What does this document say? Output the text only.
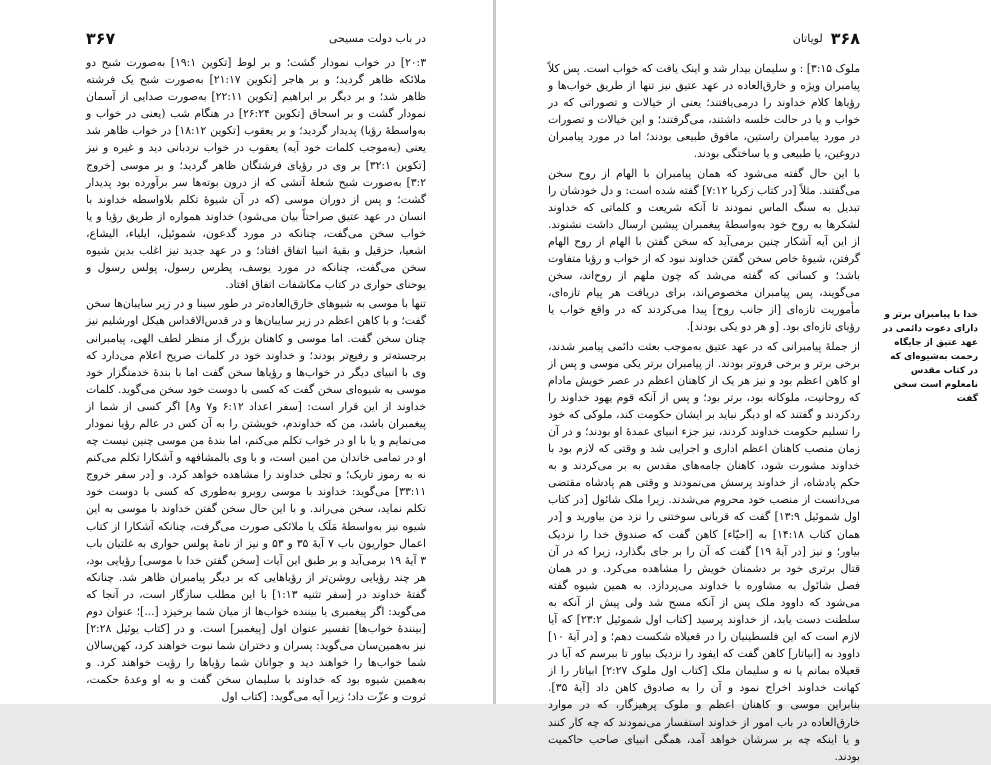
در باب دولت مسیحی
۳۶۷

۲۰:۳] در خواب نمودار گشت؛ و بر لوط [تکوین ۱۹:۱] به‌صورت شبح دو ملائکه ظاهر گردید؛ و بر هاجر [تکوین ۲۱:۱۷] به‌صورت شبح یک فرشته ظاهر شد؛ و بر دیگر بر ابراهیم [تکوین ۲۲:۱۱] به‌صورت صدایی از آسمان نمودار گشت و بر اسحاق [تکوین ۲۶:۲۴] در هنگام شب (یعنی در خواب و به‌واسطهٔ رؤیا) پدیدار گردید؛ و بر یعقوب [تکوین ۱۸:۱۲] در خواب ظاهر شد یعنی (به‌موجب کلمات خود آیه) یعقوب در خواب نردبانی دید و غیره و نیز [تکوین ۳۲:۱] بر وی در رؤیای فرشتگان ظاهر گردید؛ و بر موسی [خروج ۳:۲] به‌صورت شبح شعلهٔ آتشی که از درون بوته‌ها سر برآورده بود پدیدار گشت؛ و پس از دوران موسی (که در آن شیوهٔ تکلم بلاواسطه خداوند با انسان در عهد عتیق صراحتاً بیان می‌شود) خداوند همواره از طریق رؤیا و یا خواب سخن می‌گفت، چنانکه در مورد گدعون، شموئیل، ایلیاء، الیشاع، اشعیا، حزقیل و بقیهٔ انبیا اتفاق افتاد؛ و در عهد جدید نیز اغلب بدین شیوه سخن می‌گفت، چنانکه در مورد یوسف، پطرس رسول، پولس رسول و یوحنای حواری در کتاب مکاشفات اتفاق افتاد.

تنها با موسی به شیوهای خارق‌العاده‌تر در طور سینا و در زیر سایبان‌ها سخن گفت؛ و با کاهن اعظم در زیر سایبان‌ها و در قدس‌الاقداس هیکل اورشلیم نیز چنان سخن گفت. اما موسی و کاهنان بزرگ از منظر لطف الهی، پیامبرانی برجسته‌تر و رفیع‌تر بودند؛ و خداوند خود در کلمات صریح اعلام می‌دارد که وی با انبیای دیگر در خواب‌ها و رؤیاها سخن گفت اما با بندهٔ خدمتگزار خود موسی به شیوه‌ای سخن گفت که کسی با دوست خود سخن می‌گوید. کلمات خداوند از این قرار است: [سفر اعداد ۶:۱۲ و۷ و۸] اگر کسی از شما از پیغمبران باشد، من که خداوندم، خویشتن را به آن کس در عالم رؤیا نمودار می‌نمایم و یا با او در خواب تکلم می‌کنم، اما بندهٔ من موسی چنین نیست چه او در تمامی خاندان من امین است، و با وی بالمشافهه و آشکارا تکلم می‌کنم نه به رموز تاریک؛ و تجلی خداوند را مشاهده خواهد کرد. و [در سفر خروج ۳۳:۱۱] می‌گوید: خداوند با موسی روبرو به‌طوری که کسی با دوست خود تکلم نماید، سخن می‌راند. و با این حال سخن گفتن خداوند با موسی به این شیوه نیز به‌واسطهٔ مَلَک یا ملائکی صورت می‌گرفت، چنانکه آشکارا از کتاب اعمال حواریون باب ۷ آیهٔ ۳۵ و ۵۳ و نیز از نامهٔ پولس حواری به غلتیان باب ۳ آیهٔ ۱۹ برمی‌آید و بر طبق این آیات [سخن گفتن خدا با موسی] رؤیایی بود، هر چند رؤیایی روشن‌تر از رؤیاهایی که بر دیگر پیامبران ظاهر شد. چنانکه گفتهٔ خداوند در [سفر تثنیه ۱:۱۳] با این مطلب سازگار است، در آنجا که می‌گوید: اگر پیغمبری یا بیننده خواب‌ها از میان شما برخیزد [...]؛ عنوان دوم [بینندهٔ خواب‌ها] تفسیر عنوان اول [پیغمبر] است. و در [کتاب یوئیل ۲:۲۸] نیز به‌همین‌سان می‌گوید: پسران و دختران شما نبوت خواهند کرد، کهن‌سالان شما خواب‌ها را خواهند دید و جوانان شما رؤیاها را رؤیت خواهند کرد. و به‌همین شیوه بود که خداوند با سلیمان سخن گفت و به او وعدهٔ حکمت، ثروت و عزّت داد؛ زیرا آیه می‌گوید: [کتاب اول

۳۶۸
لویاتان

ملوک ۳:۱۵] : و سلیمان بیدار شد و اینک یافت که خواب است. پس کلاً پیامبران ویژه و خارق‌العاده در عهد عتیق نیز تنها از طریق خواب‌ها و رؤیاها کلام خداوند را درمی‌یافتند؛ یعنی از خیالات و تصوراتی که در خواب و یا در حالت خلسه داشتند، می‌گرفتند؛ و این خیالات و تصورات در مورد پیامبران راستین، مافوق طبیعی بودند؛ اما در مورد پیامبران دروغین، یا طبیعی و یا ساختگی بودند.

با این حال گفته می‌شود که همان پیامبران با الهام از روح سخن می‌گفتند. مثلاً [در کتاب زکریا ۷:۱۲] گفته شده است: و دل خودشان را تبدیل به سنگ الماس نمودند تا آنکه شریعت و کلماتی که خداوند لشکرها به روح خود به‌واسطهٔ پیغمبران پیشین ارسال داشت نشنوند. از این آیه آشکار چنین برمی‌آید که سخن گفتن با الهام از روح الهام گرفتن، شیوهٔ خاص سخن گفتن خداوند نبود که از خواب و رؤیا متفاوت باشد؛ و کسانی که گفته می‌شد که چون ملهم از روح‌اند، سخن می‌گویند، پس پیامبران مخصوص‌اند، برای دریافت هر پیام تازه‌ای، مأموریت تازه‌ای [از جانب روح] پیدا می‌کردند که در واقع خواب یا رؤیای تازه‌ای بود. [و هر دو یکی بودند].

از جملهٔ پیامبرانی که در عهد عتیق به‌موجب بعثت دائمی پیامبر شدند، برخی برتر و برخی فروتر بودند. از پیامبران برتر یکی موسی و پس از او کاهن اعظم بود و نیز هر یک از کاهنان اعظم در عصر خویش مادام که روحانیت، ملوکانه بود، برتر بود؛ و پس از آنکه قوم یهود خداوند را ردکردند و گفتند که او دیگر نباید بر ایشان حکومت کند، ملوکی که خود را تسلیم حکومت خداوند کردند، نیز جزء انبیای عمدهٔ او بودند؛ و در آن زمان منصب کاهنان اعظم اداری و اجرایی شد و وقتی که لازم بود با خداوند مشورت شود، کاهنان جامه‌های مقدس به بر می‌کردند و به حکم پادشاه، از خداوند پرسش می‌نمودند و وقتی هم پادشاه مقتضی می‌دانست از منصب خود محروم می‌شدند. زیرا ملک شائول [در کتاب اول شموئیل ۱۳:۹] گفت که قربانی سوختنی را نزد من بیاورید و [در همان کتاب ۱۴:۱۸] به [احیّاء] کاهن گفت که صندوق خدا را نزدیک بیاور؛ و نیز [در آیهٔ ۱۹] گفت که آن را بر جای بگذارد، زیرا که در آن قتال برتری خود بر دشمنان خویش را مشاهده می‌کرد. و در همان فصل شائول به مشاوره با خداوند می‌پردازد. به همین شیوه گفته می‌شود که داوود ملک پس از آنکه مسح شد ولی پیش از آنکه به سلطنت دست یابد، از خداوند پرسید [کتاب اول شموئیل ۲۳:۲] که آیا لازم است که این فلسطینیان را در قعیلاه شکست دهم؛ و [در آیهٔ ۱۰] داوود به [ابیاتار] کاهن گفت که ایفود را نزدیک بیاور تا ببرسم که آیا در قعیلاه بمانم یا نه و سلیمان ملک [کتاب اول ملوک ۲:۲۷] ابیاتار را از کهانت خداوند اخراج نمود و آن را به صادوق کاهن داد [آیهٔ ۳۵]. بنابراین موسی و کاهنان اعظم و ملوک پرهیزگار، که در موارد خارق‌العاده در باب امور از خداوند استفسار می‌نمودند که چه کار کنند و یا اینکه چه بر سرشان خواهد آمد، همگی انبیای صاحب حاکمیت بودند.

خدا با پیامبران برتر و دارای دعوت دائمی در عهد عتیق از جایگاه رحمت به‌شیوه‌ای که در کتاب مقدس نامعلوم است سخن گفت
